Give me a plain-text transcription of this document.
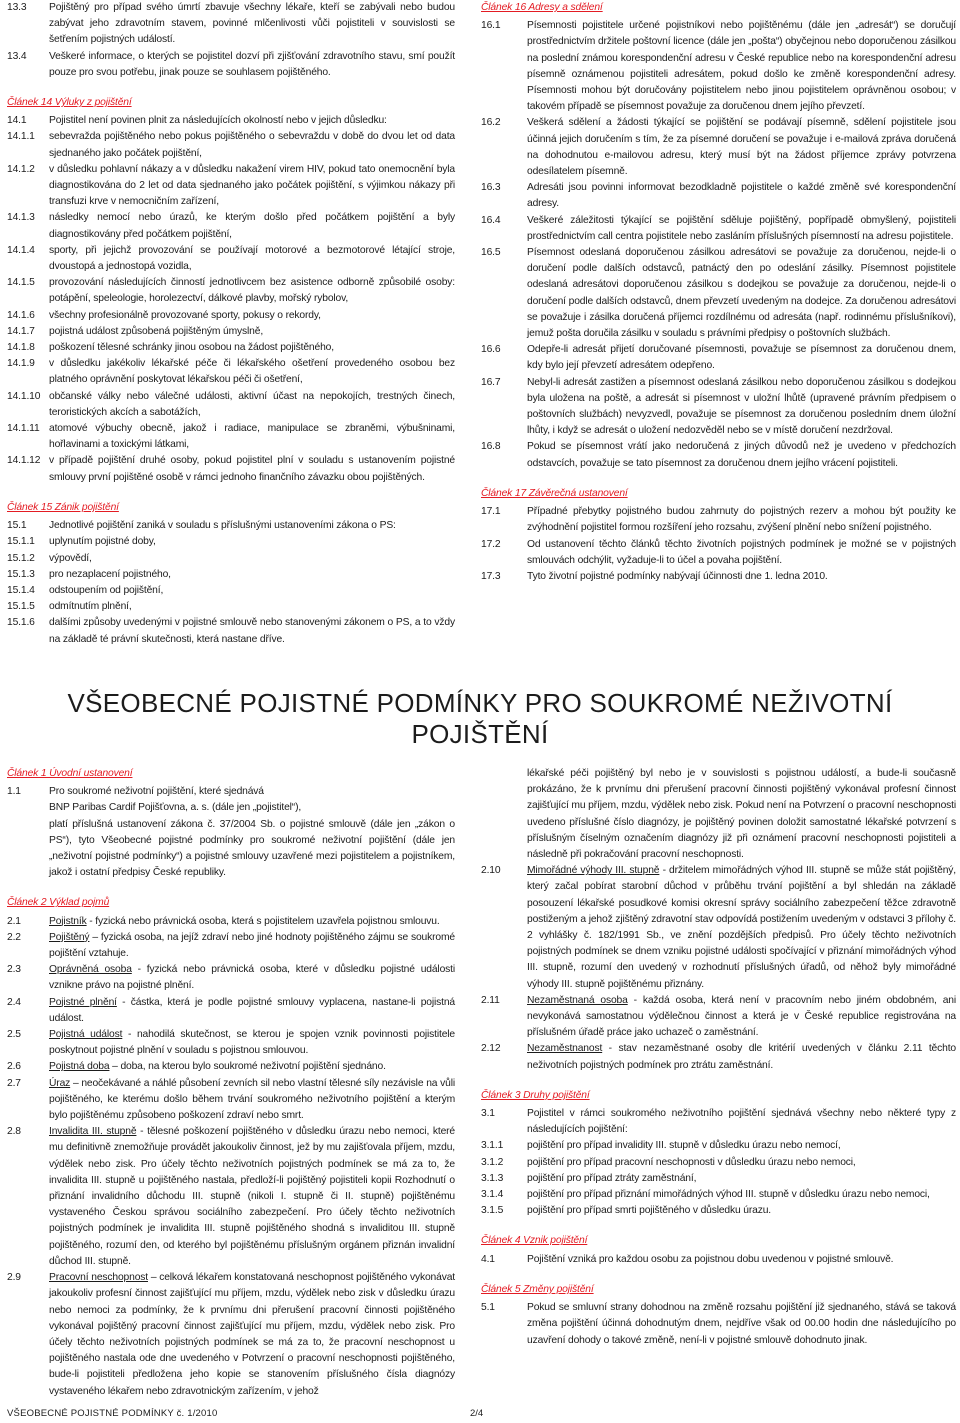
13.3	Pojištěný pro případ svého úmrtí zbavuje všechny lékaře, kteří se zabývali nebo budou zabývat jeho zdravotním stavem, povinné mlčenlivosti vůči pojistiteli v souvislosti se šetřením pojistných událostí.
13.4	Veškeré informace, o kterých se pojistitel dozví při zjišťování zdravotního stavu, smí použít pouze pro svou potřebu, jinak pouze se souhlasem pojištěného.
Článek 14 Výluky z pojištění
14.1	Pojistitel není povinen plnit za následujících okolností nebo v jejich důsledku:
14.1.1	sebevražda pojištěného nebo pokus pojištěného o sebevraždu v době do dvou let od data sjednaného jako počátek pojištění,
14.1.2	v důsledku pohlavní nákazy a v důsledku nakažení virem HIV, pokud tato onemocnění byla diagnostikována do 2 let od data sjednaného jako počátek pojištění, s výjimkou nákazy při transfuzi krve v nemocničním zařízení,
14.1.3	následky nemocí nebo úrazů, ke kterým došlo před počátkem pojištění a byly diagnostikovány před počátkem pojištění,
14.1.4	sporty, při jejichž provozování se používají motorové a bezmotorové létající stroje, dvoustopá a jednostopá vozidla,
14.1.5	provozování následujících činností jednotlivcem bez asistence odborně způsobilé osoby: potápění, speleologie, horolezectví, dálkové plavby, mořský rybolov,
14.1.6	všechny profesionálně provozované sporty, pokusy o rekordy,
14.1.7	pojistná událost způsobená pojištěným úmyslně,
14.1.8	poškození tělesné schránky jinou osobou na žádost pojištěného,
14.1.9	v důsledku jakékoliv lékařské péče či lékařského ošetření provedeného osobou bez platného oprávnění poskytovat lékařskou péči či ošetření,
14.1.10 občanské války nebo válečné události, aktivní účast na nepokojích, trestných činech, teroristických akcích a sabotážích,
14.1.11 atomové výbuchy obecně, jakož i radiace, manipulace se zbraněmi, výbušninami, hořlavinami a toxickými látkami,
14.1.12 v případě pojištění druhé osoby, pokud pojistitel plní v souladu s ustanovením pojistné smlouvy první pojištěné osobě v rámci jednoho finančního závazku obou pojištěných.
Článek 15 Zánik pojištění
15.1	Jednotlivé pojištění zaniká v souladu s příslušnými ustanoveními zákona o PS:
15.1.1	uplynutím pojistné doby,
15.1.2	výpovědí,
15.1.3	pro nezaplacení pojistného,
15.1.4	odstoupením od pojištění,
15.1.5	odmítnutím plnění,
15.1.6	dalšími způsoby uvedenými v pojistné smlouvě nebo stanovenými zákonem o PS, a to vždy na základě té právní skutečnosti, která nastane dříve.
Článek 16 Adresy a sdělení
16.1	Písemnosti pojistitele určené pojistníkovi nebo pojištěnému (dále jen „adresát“) se doručují prostřednictvím držitele poštovní licence (dále jen „pošta“) obyčejnou nebo doporučenou zásilkou na poslední známou korespondenční adresu v České republice nebo na korespondenční adresu písemně oznámenou pojistiteli adresátem, pokud došlo ke změně korespondenční adresy. Písemnosti mohou být doručovány pojistitelem nebo jinou pojistitelem oprávněnou osobou; v takovém případě se písemnost považuje za doručenou dnem jejího převzetí.
16.2	Veškerá sdělení a žádosti týkající se pojištění se podávají písemně, sdělení pojistitele jsou účinná jejich doručením s tím, že za písemné doručení se považuje i e-mailová zpráva doručená na dohodnutou e-mailovou adresu, který musí být na žádost příjemce zprávy potvrzena odesílatelem písemně.
16.3	Adresáti jsou povinni informovat bezodkladně pojistitele o každé změně své korespondenční adresy.
16.4	Veškeré záležitosti týkající se pojištění sděluje pojištěný, popřípadě obmyšlený, pojistiteli prostřednictvím call centra pojistitele nebo zasláním příslušných písemností na adresu pojistitele.
16.5	Písemnost odeslaná doporučenou zásilkou adresátovi se považuje za doručenou, nejde-li o doručení podle dalších odstavců, patnáctý den po odeslání zásilky. Písemnost pojistitele odeslaná adresátovi doporučenou zásilkou s dodejkou se považuje za doručenou, nejde-li o doručení podle dalších odstavců, dnem převzetí uvedeným na dodejce. Za doručenou adresátovi se považuje i zásilka doručená příjemci rozdílnému od adresáta (např. rodinnému příslušníkovi), jemuž pošta doručila zásilku v souladu s právními předpisy o poštovních službách.
16.6	Odepře-li adresát přijetí doručované písemnosti, považuje se písemnost za doručenou dnem, kdy bylo její převzetí adresátem odepřeno.
16.7	Nebyl-li adresát zastižen a písemnost odeslaná zásilkou nebo doporučenou zásilkou s dodejkou byla uložena na poště, a adresát si písemnost v uložní lhůtě (upravené právním předpisem o poštovních službách) nevyzvedl, považuje se písemnost za doručenou posledním dnem úložní lhůty, i když se adresát o uložení nedozvěděl nebo se v místě doručení nezdržoval.
16.8	Pokud se písemnost vrátí jako nedoručená z jiných důvodů než je uvedeno v předchozích odstavcích, považuje se tato písemnost za doručenou dnem jejího vrácení pojistiteli.
Článek 17 Závěrečná ustanovení
17.1	Případné přebytky pojistného budou zahrnuty do pojistných rezerv a mohou být použity ke zvýhodnění pojistitel formou rozšíření jeho rozsahu, zvýšení plnění nebo snížení pojistného.
17.2	Od ustanovení těchto článků těchto životních pojistných podmínek je možné se v pojistných smlouvách odchýlit, vyžaduje-li to účel a povaha pojištění.
17.3	Tyto životní pojistné podmínky nabývají účinnosti dne 1. ledna 2010.
VŠEOBECNÉ POJISTNÉ PODMÍNKY PRO SOUKROMÉ NEŽIVOTNÍ POJIŠTĚNÍ
Článek 1 Úvodní ustanovení
1.1	Pro soukromé neživotní pojištění, které sjednává
BNP Paribas Cardif Pojišťovna, a. s. (dále jen „pojistitel“),
platí příslušná ustanovení zákona č. 37/2004 Sb. o pojistné smlouvě (dále jen „zákon o PS“), tyto Všeobecné pojistné podmínky pro soukromé neživotní pojištění (dále jen „neživotní pojistné podmínky“) a pojistné smlouvy uzavřené mezi pojistitelem a pojistníkem, jakož i ostatní předpisy České republiky.
Článek 2 Výklad pojmů
2.1	Pojistník - fyzická nebo právnická osoba, která s pojistitelem uzavřela pojistnou smlouvu.
2.2	Pojištěný – fyzická osoba, na jejíž zdraví nebo jiné hodnoty pojištěného zájmu se soukromé pojištění vztahuje.
2.3	Oprávněná osoba - fyzická nebo právnická osoba, které v důsledku pojistné události vznikne právo na pojistné plnění.
2.4	Pojistné plnění - částka, která je podle pojistné smlouvy vyplacena, nastane-li pojistná událost.
2.5	Pojistná událost - nahodilá skutečnost, se kterou je spojen vznik povinnosti pojistitele poskytnout pojistné plnění v souladu s pojistnou smlouvou.
2.6	Pojistná doba – doba, na kterou bylo soukromé neživotní pojištění sjednáno.
2.7	Úraz – neočekávané a náhlé působení zevních sil nebo vlastní tělesné síly nezávisle na vůli pojištěného, ke kterému došlo během trvání soukromého neživotního pojištění a kterým bylo pojištěnému způsobeno poškození zdraví nebo smrt.
2.8	Invalidita III. stupně - tělesné poškození pojištěného v důsledku úrazu nebo nemoci, které mu definitivně znemožňuje provádět jakoukoliv činnost, jež by mu zajišťovala příjem, mzdu, výdělek nebo zisk. Pro účely těchto neživotních pojistných podmínek se má za to, že invalidita III. stupně u pojištěného nastala, předloží-li pojištěný pojistiteli kopii Rozhodnutí o přiznání invalidního důchodu III. stupně (nikoli I. stupně či II. stupně) pojištěnému vystaveného Českou správou sociálního zabezpečení. Pro účely těchto neživotních pojistných podmínek je invalidita III. stupně pojištěného shodná s invaliditou III. stupně pojištěného, rozumí den, od kterého byl pojištěnému příslušným orgánem přiznán invalidní důchod III. stupně.
2.9	Pracovní neschopnost – celková lékařem konstatovaná neschopnost pojištěného vykonávat jakoukoliv profesní činnost zajišťující mu příjem, mzdu, výdělek nebo zisk v důsledku úrazu nebo nemoci za podmínky, že k prvnímu dni přerušení pracovní činnosti pojištěného vykonával pojištěný pracovní činnost zajišťující mu příjem, mzdu, výdělek nebo zisk. Pro účely těchto neživotních pojistných podmínek se má za to, že pracovní neschopnost u pojištěného nastala ode dne uvedeného v Potvrzení o pracovní neschopnosti pojištěného, bude-li pojistiteli předložena jeho kopie se stanovením příslušného čísla diagnózy vystaveného lékařem nebo zdravotnickým zařízením, v jehož
lékařské péči pojištěný byl nebo je v souvislosti s pojistnou událostí, a bude-li současně prokázáno, že k prvnímu dni přerušení pracovní činnosti pojištěný vykonával profesní činnost zajišťující mu příjem, mzdu, výdělek nebo zisk. Pokud není na Potvrzení o pracovní neschopnosti uvedeno příslušné číslo diagnózy, je pojištěný povinen doložit samostatné lékařské potvrzení s příslušným číselným označením diagnózy již při oznámení pracovní neschopnosti pojistiteli a následně při pokračování pracovní neschopnosti.
2.10	Mimořádné výhody III. stupně - držitelem mimořádných výhod III. stupně se může stát pojištěný, který začal pobírat starobní důchod v průběhu trvání pojištění a byl shledán na základě posouzení lékařské posudkové komisi okresní správy sociálního zabezpečení těžce zdravotně postiženým a jehož zjištěný zdravotní stav odpovídá postižením uvedeným v odstavci 3 přílohy č. 2 vyhlášky č. 182/1991 Sb., ve znění pozdějších předpisů. Pro účely těchto neživotních pojistných podmínek se dnem vzniku pojistné události spočívající v přiznání mimořádných výhod III. stupně, rozumí den uvedený v rozhodnutí příslušných úřadů, od něhož byly mimořádné výhody III. stupně pojištěnému přiznány.
2.11	Nezaměstnaná osoba - každá osoba, která není v pracovním nebo jiném obdobném, ani nevykonává samostatnou výdělečnou činnost a která je v České republice registrována na příslušném úřadě práce jako uchazeč o zaměstnání.
2.12	Nezaměstnanost - stav nezaměstnané osoby dle kritérií uvedených v článku 2.11 těchto neživotních pojistných podmínek pro ztrátu zaměstnání.
Článek 3 Druhy pojištění
3.1	Pojistitel v rámci soukromého neživotního pojištění sjednává všechny nebo některé typy z následujících pojištění:
3.1.1	pojištění pro případ invalidity III. stupně v důsledku úrazu nebo nemocí,
3.1.2	pojištění pro případ pracovní neschopnosti v důsledku úrazu nebo nemoci,
3.1.3	pojištění pro případ ztráty zaměstnání,
3.1.4	pojištění pro případ přiznání mimořádných výhod III. stupně v důsledku úrazu nebo nemoci,
3.1.5	pojištění pro případ smrti pojištěného v důsledku úrazu.
Článek 4 Vznik pojištění
4.1	Pojištění vzniká pro každou osobu za pojistnou dobu uvedenou v pojistné smlouvě.
Článek 5 Změny pojištění
5.1	Pokud se smluvní strany dohodnou na změně rozsahu pojištění již sjednaného, stává se taková změna pojištění účinná dohodnutým dnem, nejdříve však od 00.00 hodin dne následujícího po uzavření dohody o takové změně, není-li v pojistné smlouvě dohodnuto jinak.
VŠEOBECNÉ POJISTNÉ PODMÍNKY č. 1/2010	2/4
